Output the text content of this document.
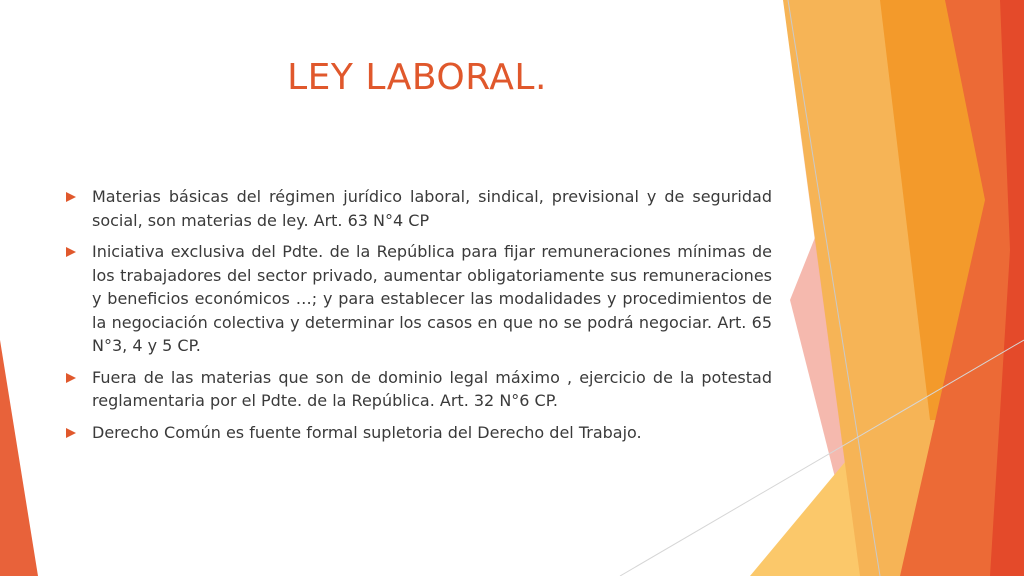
LEY LABORAL.
Materias básicas del régimen jurídico laboral, sindical, previsional y de seguridad social, son materias de ley. Art. 63 N°4 CP
Iniciativa exclusiva del Pdte. de la República para fijar remuneraciones mínimas de los trabajadores del sector privado, aumentar obligatoriamente sus remuneraciones y beneficios económicos …; y para establecer las modalidades y procedimientos de la negociación colectiva y determinar los casos en que no se podrá negociar. Art. 65 N°3, 4 y 5 CP.
Fuera de las materias que son de dominio legal máximo , ejercicio de la potestad reglamentaria por el Pdte. de la República. Art. 32 N°6 CP.
Derecho Común es fuente formal supletoria del Derecho del Trabajo.
